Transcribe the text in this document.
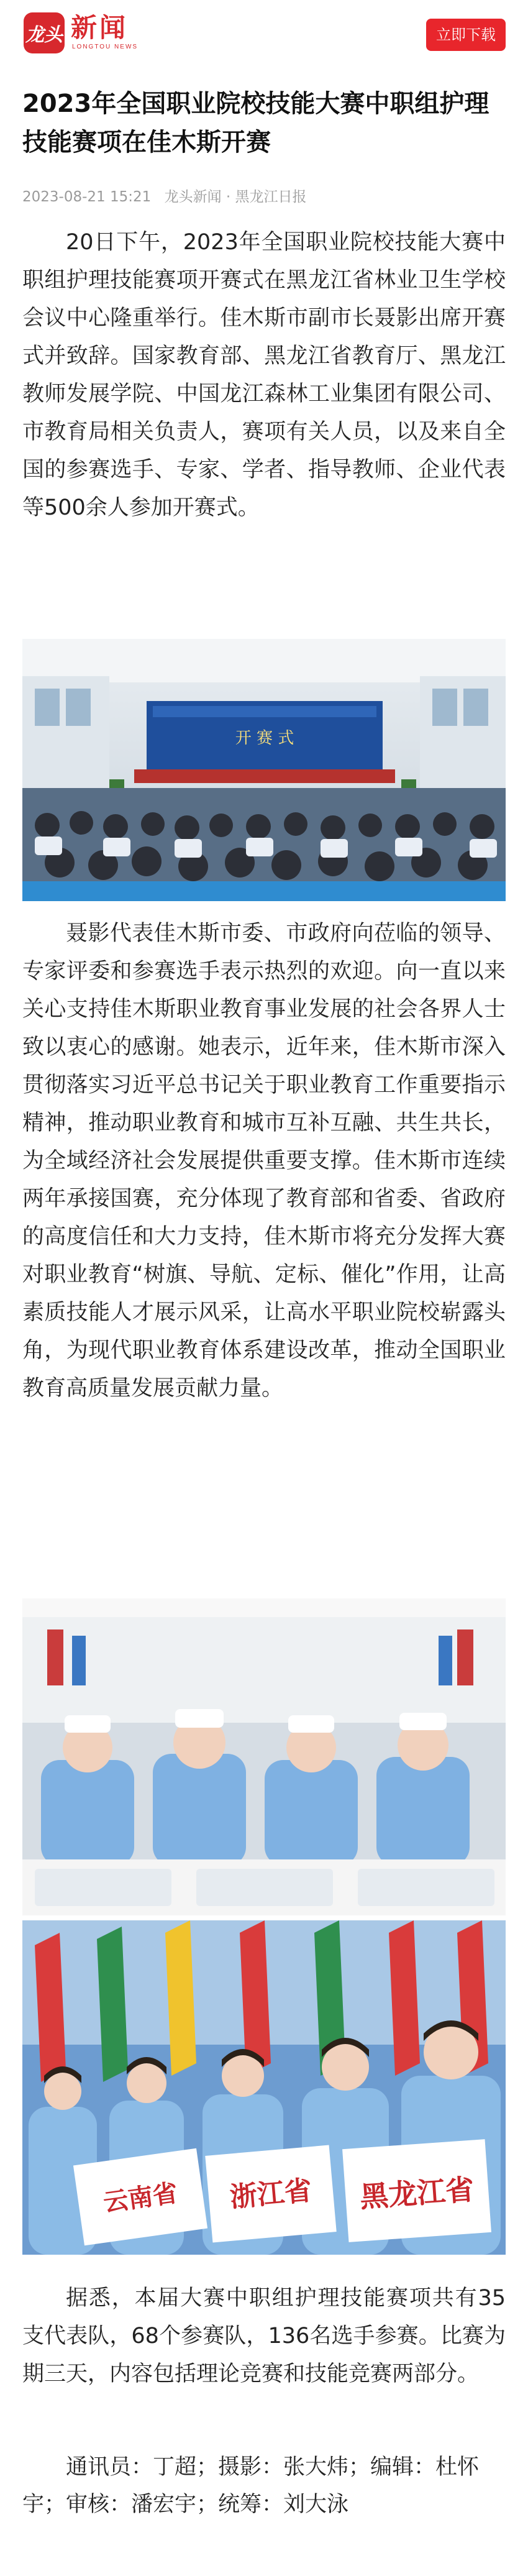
龙头 新闻
LONGTOU NEWS
立即下载
2023年全国职业院校技能大赛中职组护理技能赛项在佳木斯开赛
2023-08-21 15:21 龙头新闻 · 黑龙江日报

20日下午，2023年全国职业院校技能大赛中职组护理技能赛项开赛式在黑龙江省林业卫生学校会议中心隆重举行。佳木斯市副市长聂影出席开赛式并致辞。国家教育部、黑龙江省教育厅、黑龙江教师发展学院、中国龙江森林工业集团有限公司、市教育局相关负责人，赛项有关人员，以及来自全国的参赛选手、专家、学者、指导教师、企业代表等500余人参加开赛式。

开 赛 式

聂影代表佳木斯市委、市政府向莅临的领导、专家评委和参赛选手表示热烈的欢迎。向一直以来关心支持佳木斯职业教育事业发展的社会各界人士致以衷心的感谢。她表示，近年来，佳木斯市深入贯彻落实习近平总书记关于职业教育工作重要指示精神，推动职业教育和城市互补互融、共生共长，为全域经济社会发展提供重要支撑。佳木斯市连续两年承接国赛，充分体现了教育部和省委、省政府的高度信任和大力支持，佳木斯市将充分发挥大赛对职业教育“树旗、导航、定标、催化”作用，让高素质技能人才展示风采，让高水平职业院校崭露头角，为现代职业教育体系建设改革，推动全国职业教育高质量发展贡献力量。

云南省 浙江省 黑龙江省

据悉，本届大赛中职组护理技能赛项共有35支代表队，68个参赛队，136名选手参赛。比赛为期三天，内容包括理论竞赛和技能竞赛两部分。

通讯员：丁超；摄影：张大炜；编辑：杜怀宇；审核：潘宏宇；统筹：刘大泳
